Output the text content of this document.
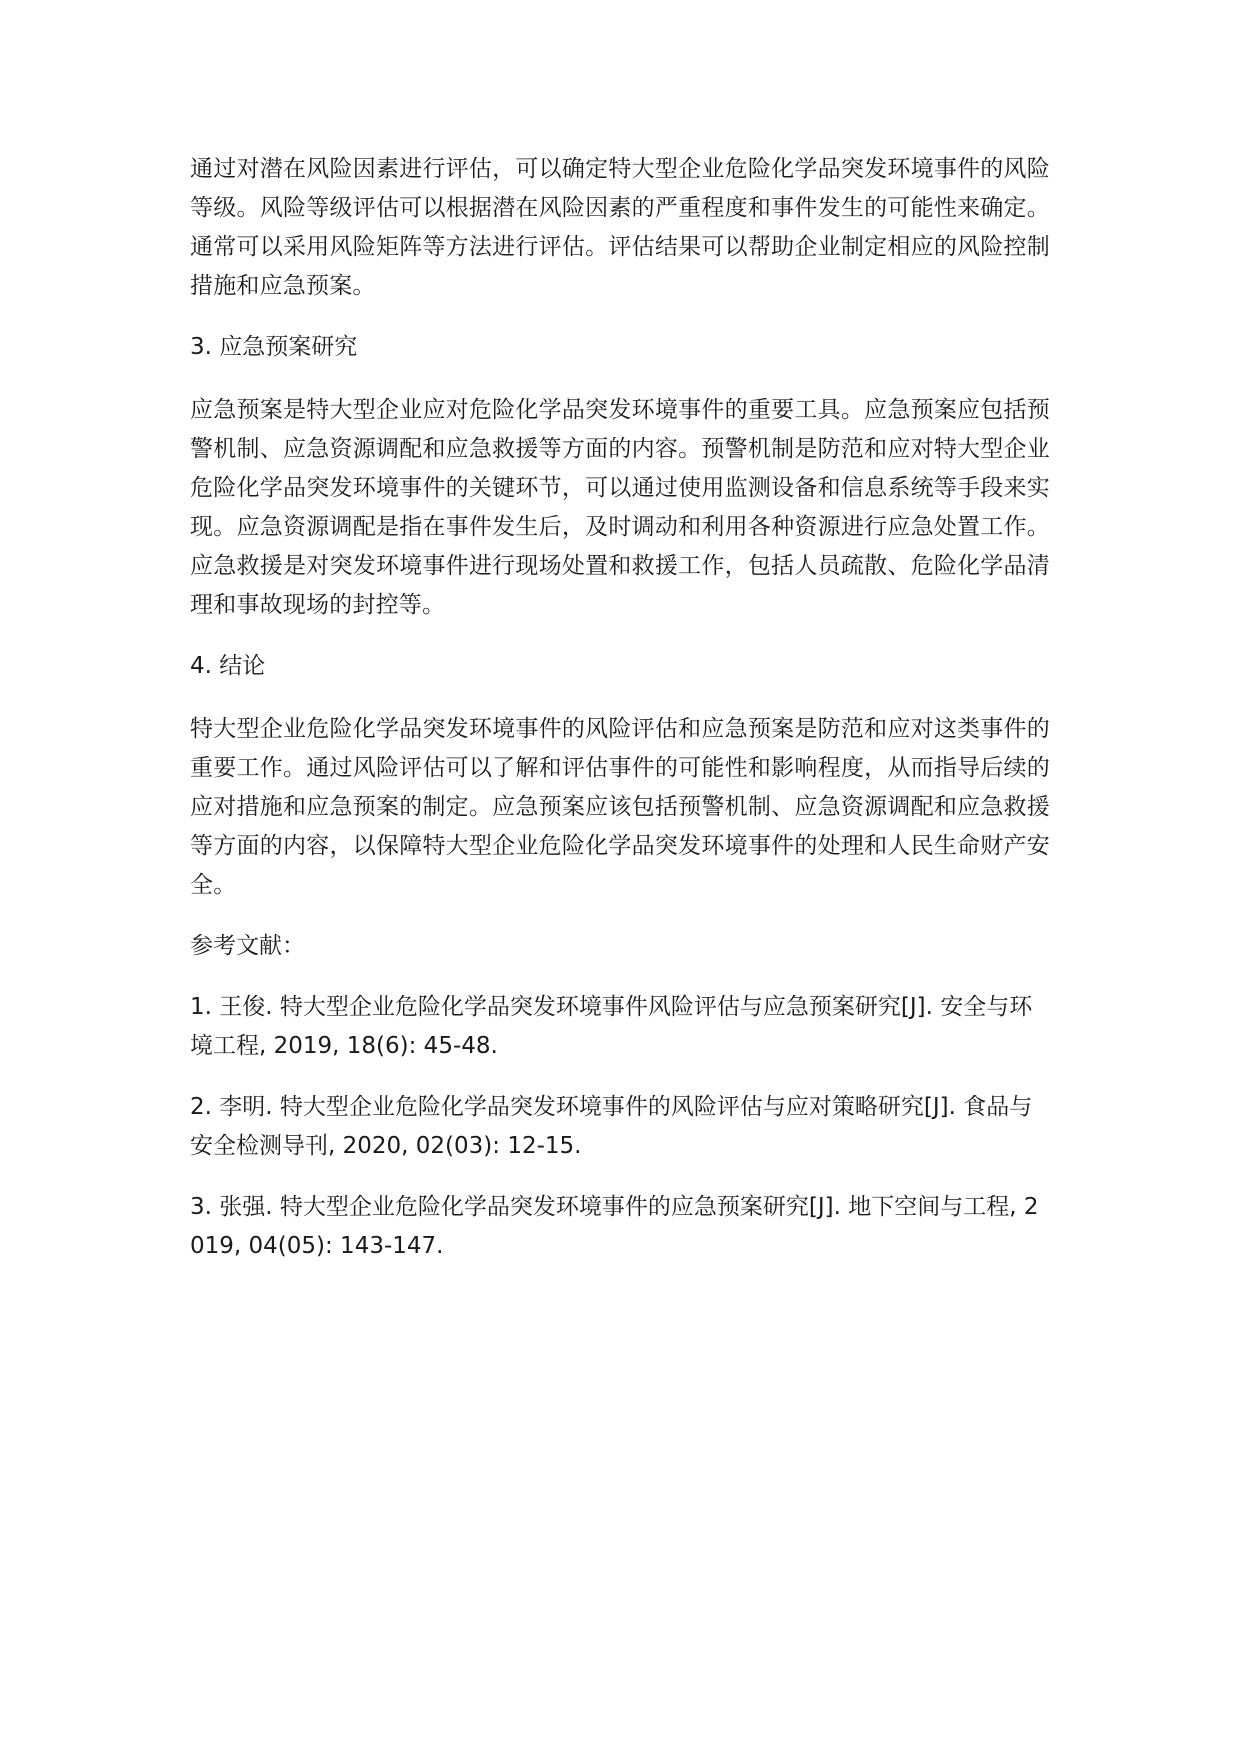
通过对潜在风险因素进行评估，可以确定特大型企业危险化学品突发环境事件的风险等级。风险等级评估可以根据潜在风险因素的严重程度和事件发生的可能性来确定。通常可以采用风险矩阵等方法进行评估。评估结果可以帮助企业制定相应的风险控制措施和应急预案。

3. 应急预案研究

应急预案是特大型企业应对危险化学品突发环境事件的重要工具。应急预案应包括预警机制、应急资源调配和应急救援等方面的内容。预警机制是防范和应对特大型企业危险化学品突发环境事件的关键环节，可以通过使用监测设备和信息系统等手段来实现。应急资源调配是指在事件发生后，及时调动和利用各种资源进行应急处置工作。应急救援是对突发环境事件进行现场处置和救援工作，包括人员疏散、危险化学品清理和事故现场的封控等。

4. 结论

特大型企业危险化学品突发环境事件的风险评估和应急预案是防范和应对这类事件的重要工作。通过风险评估可以了解和评估事件的可能性和影响程度，从而指导后续的应对措施和应急预案的制定。应急预案应该包括预警机制、应急资源调配和应急救援等方面的内容，以保障特大型企业危险化学品突发环境事件的处理和人民生命财产安全。

参考文献：

1. 王俊. 特大型企业危险化学品突发环境事件风险评估与应急预案研究[J]. 安全与环境工程, 2019, 18(6): 45-48.

2. 李明. 特大型企业危险化学品突发环境事件的风险评估与应对策略研究[J]. 食品与安全检测导刊, 2020, 02(03): 12-15.

3. 张强. 特大型企业危险化学品突发环境事件的应急预案研究[J]. 地下空间与工程, 2019, 04(05): 143-147.
